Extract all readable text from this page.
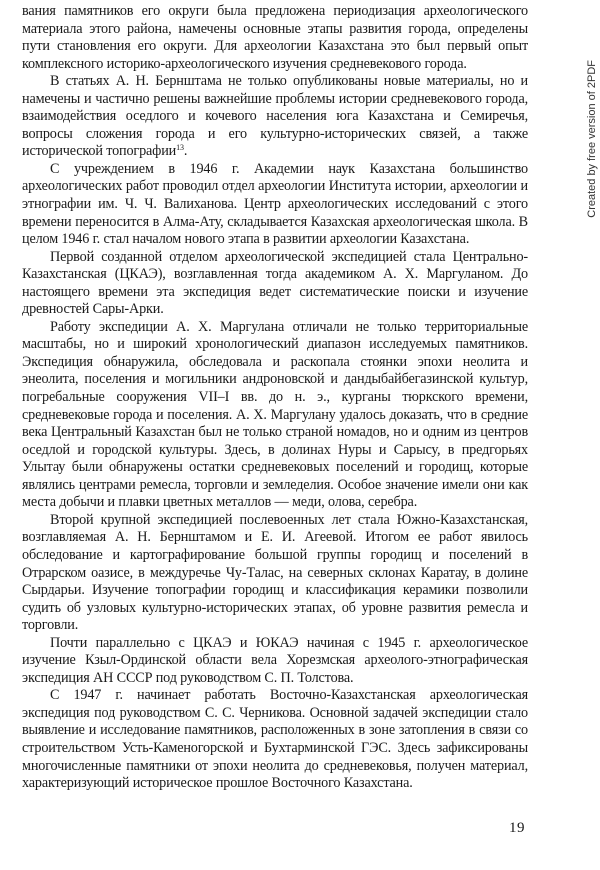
вания памятников его округи была предложена периодизация археологического материала этого района, намечены основные этапы развития города, определены пути становления его округи. Для археологии Казахстана это был первый опыт комплексного историко-археологического изучения средневекового города.

В статьях А. Н. Бернштама не только опубликованы новые материалы, но и намечены и частично решены важнейшие проблемы истории средневекового города, взаимодействия оседлого и кочевого населения юга Казахстана и Семиречья, вопросы сложения города и его культурно-исторических связей, а также исторической топографии$^{13}$.

С учреждением в 1946 г. Академии наук Казахстана большинство археологических работ проводил отдел археологии Института истории, археологии и этнографии им. Ч. Ч. Валиханова. Центр археологических исследований с этого времени переносится в Алма-Ату, складывается Казахская археологическая школа. В целом 1946 г. стал началом нового этапа в развитии археологии Казахстана.

Первой созданной отделом археологической экспедицией стала Центрально-Казахстанская (ЦКАЭ), возглавленная тогда академиком А. Х. Маргуланом. До настоящего времени эта экспедиция ведет систематические поиски и изучение древностей Сары-Арки.

Работу экспедиции А. Х. Маргулана отличали не только территориальные масштабы, но и широкий хронологический диапазон исследуемых памятников. Экспедиция обнаружила, обследовала и раскопала стоянки эпохи неолита и энеолита, поселения и могильники андроновской и дандыбайбегазинской культур, погребальные сооружения VII–I вв. до н. э., курганы тюркского времени, средневековые города и поселения. А. Х. Маргулану удалось доказать, что в средние века Центральный Казахстан был не только страной номадов, но и одним из центров оседлой и городской культуры. Здесь, в долинах Нуры и Сарысу, в предгорьях Улытау были обнаружены остатки средневековых поселений и городищ, которые являлись центрами ремесла, торговли и земледелия. Особое значение имели они как места добычи и плавки цветных металлов — меди, олова, серебра.

Второй крупной экспедицией послевоенных лет стала Южно-Казахстанская, возглавляемая А. Н. Бернштамом и Е. И. Агеевой. Итогом ее работ явилось обследование и картографирование большой группы городищ и поселений в Отрарском оазисе, в междуречье Чу-Талас, на северных склонах Каратау, в долине Сырдарьи. Изучение топографии городищ и классификация керамики позволили судить об узловых культурно-исторических этапах, об уровне развития ремесла и торговли.

Почти параллельно с ЦКАЭ и ЮКАЭ начиная с 1945 г. археологическое изучение Кзыл-Ординской области вела Хорезмская археолого-этнографическая экспедиция АН СССР под руководством С. П. Толстова.

С 1947 г. начинает работать Восточно-Казахстанская археологическая экспедиция под руководством С. С. Черникова. Основной задачей экспедиции стало выявление и исследование памятников, расположенных в зоне затопления в связи со строительством Усть-Каменогорской и Бухтарминской ГЭС. Здесь зафиксированы многочисленные памятники от эпохи неолита до средневековья, получен материал, характеризующий историческое прошлое Восточного Казахстана.

19
Created by free version of 2PDF
